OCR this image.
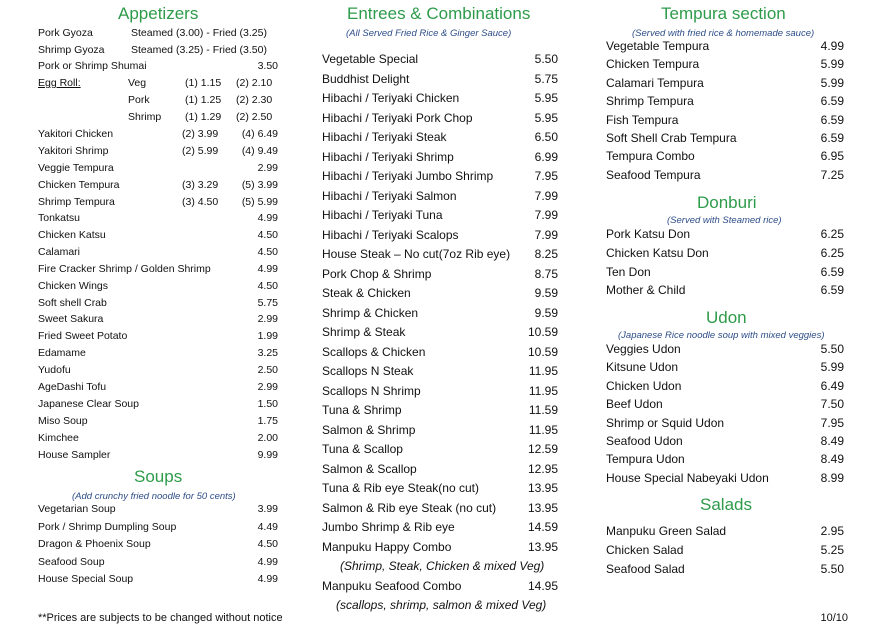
Appetizers
Pork Gyoza	Steamed (3.00) - Fried (3.25)
Shrimp Gyoza	Steamed (3.25) - Fried (3.50)
Pork or Shrimp Shumai	3.50
Egg Roll:	Veg	(1) 1.15 (2) 2.10
Pork	(1) 1.25 (2) 2.30
Shrimp (1) 1.29 (2) 2.50
Yakitori Chicken	(2) 3.99 (4) 6.49
Yakitori Shrimp	(2) 5.99 (4) 9.49
Veggie Tempura	2.99
Chicken Tempura	(3) 3.29 (5) 3.99
Shrimp Tempura	(3) 4.50 (5) 5.99
Tonkatsu	4.99
Chicken Katsu	4.50
Calamari	4.50
Fire Cracker Shrimp / Golden Shrimp	4.99
Chicken Wings	4.50
Soft shell Crab	5.75
Sweet Sakura	2.99
Fried Sweet Potato	1.99
Edamame	3.25
Yudofu	2.50
AgeDashi Tofu	2.99
Japanese Clear Soup	1.50
Miso Soup	1.75
Kimchee	2.00
House Sampler	9.99
Soups
(Add crunchy fried noodle for 50 cents)
Vegetarian Soup	3.99
Pork / Shrimp Dumpling Soup	4.49
Dragon & Phoenix Soup	4.50
Seafood Soup	4.99
House Special Soup	4.99
Entrees & Combinations
(All Served Fried Rice & Ginger Sauce)
Vegetable Special	5.50
Buddhist Delight	5.75
Hibachi / Teriyaki Chicken	5.95
Hibachi / Teriyaki Pork Chop	5.95
Hibachi / Teriyaki Steak	6.50
Hibachi / Teriyaki Shrimp	6.99
Hibachi / Teriyaki Jumbo Shrimp	7.95
Hibachi / Teriyaki Salmon	7.99
Hibachi / Teriyaki Tuna	7.99
Hibachi / Teriyaki Scalops	7.99
House Steak – No cut(7oz Rib eye) 8.25
Pork Chop & Shrimp	8.75
Steak & Chicken	9.59
Shrimp & Chicken	9.59
Shrimp & Steak	10.59
Scallops & Chicken	10.59
Scallops N Steak	11.95
Scallops N Shrimp	11.95
Tuna & Shrimp	11.59
Salmon & Shrimp	11.95
Tuna & Scallop	12.59
Salmon & Scallop	12.95
Tuna & Rib eye Steak(no cut)	13.95
Salmon & Rib eye Steak (no cut)	13.95
Jumbo Shrimp & Rib eye	14.59
Manpuku Happy Combo	13.95
(Shrimp, Steak, Chicken & mixed Veg)
Manpuku Seafood Combo	14.95
(scallops, shrimp, salmon & mixed Veg)
Tempura section
(Served with fried rice & homemade sauce)
Vegetable Tempura	4.99
Chicken Tempura	5.99
Calamari Tempura	5.99
Shrimp Tempura	6.59
Fish Tempura	6.59
Soft Shell Crab Tempura	6.59
Tempura Combo	6.95
Seafood Tempura	7.25
Donburi
(Served with Steamed rice)
Pork Katsu Don	6.25
Chicken Katsu Don	6.25
Ten Don	6.59
Mother & Child	6.59
Udon
(Japanese Rice noodle soup with mixed veggies)
Veggies Udon	5.50
Kitsune Udon	5.99
Chicken Udon	6.49
Beef Udon	7.50
Shrimp or Squid Udon	7.95
Seafood Udon	8.49
Tempura Udon	8.49
House Special Nabeyaki Udon	8.99
Salads
Manpuku Green Salad	2.95
Chicken Salad	5.25
Seafood Salad	5.50
**Prices are subjects to be changed without notice	10/10
